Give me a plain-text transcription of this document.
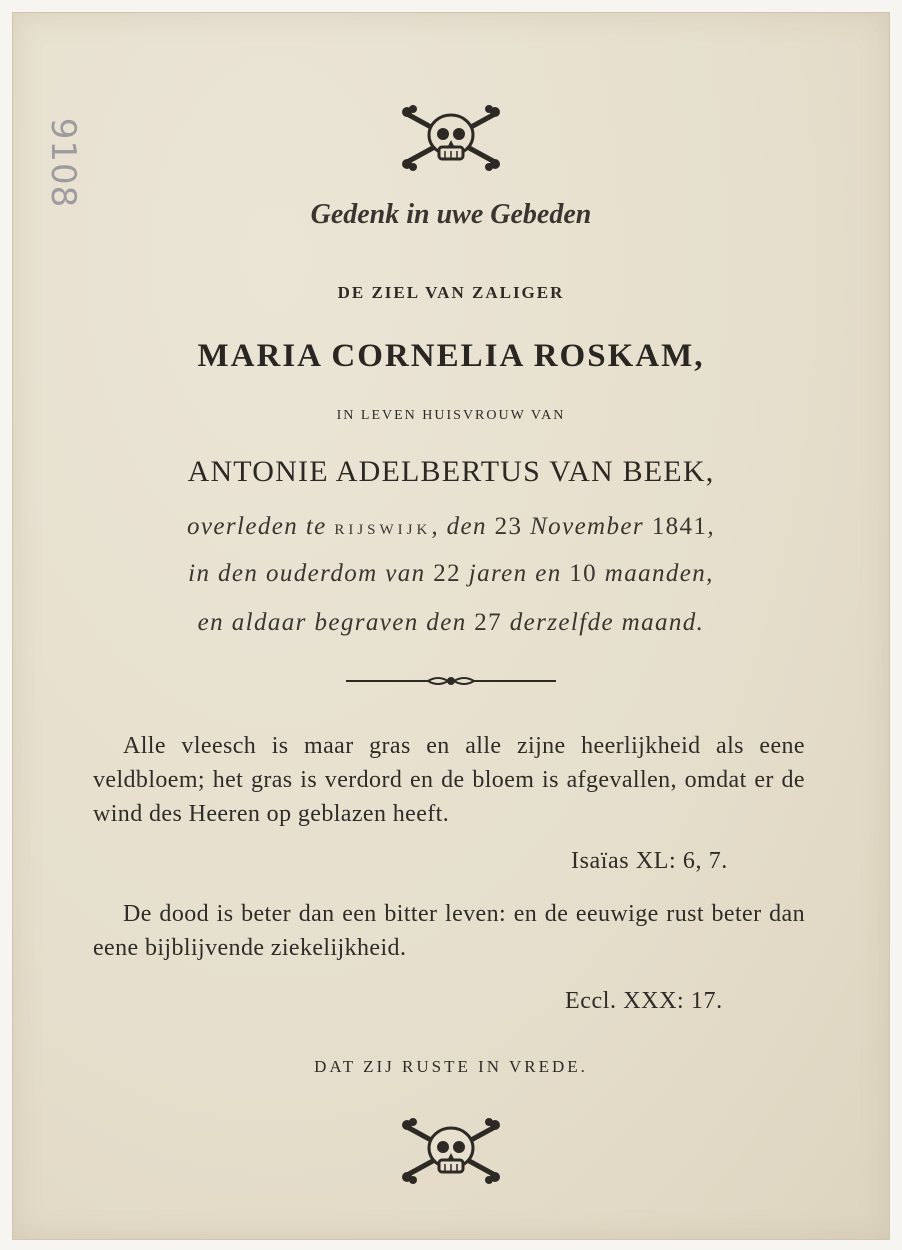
9108
Gedenk in uwe Gebeden
DE ZIEL VAN ZALIGER
MARIA CORNELIA ROSKAM,
IN LEVEN HUISVROUW VAN
ANTONIE ADELBERTUS VAN BEEK,
overleden te RIJSWIJK, den 23 November 1841,
in den ouderdom van 22 jaren en 10 maanden,
en aldaar begraven den 27 derzelfde maand.
Alle vleesch is maar gras en alle zijne heerlijkheid als eene veldbloem; het gras is verdord en de bloem is afgevallen, omdat er de wind des Heeren op geblazen heeft.
Isaïas XL: 6, 7.
De dood is beter dan een bitter leven: en de eeuwige rust beter dan eene bijblijvende ziekelijkheid.
Eccl. XXX: 17.
DAT ZIJ RUSTE IN VREDE.
